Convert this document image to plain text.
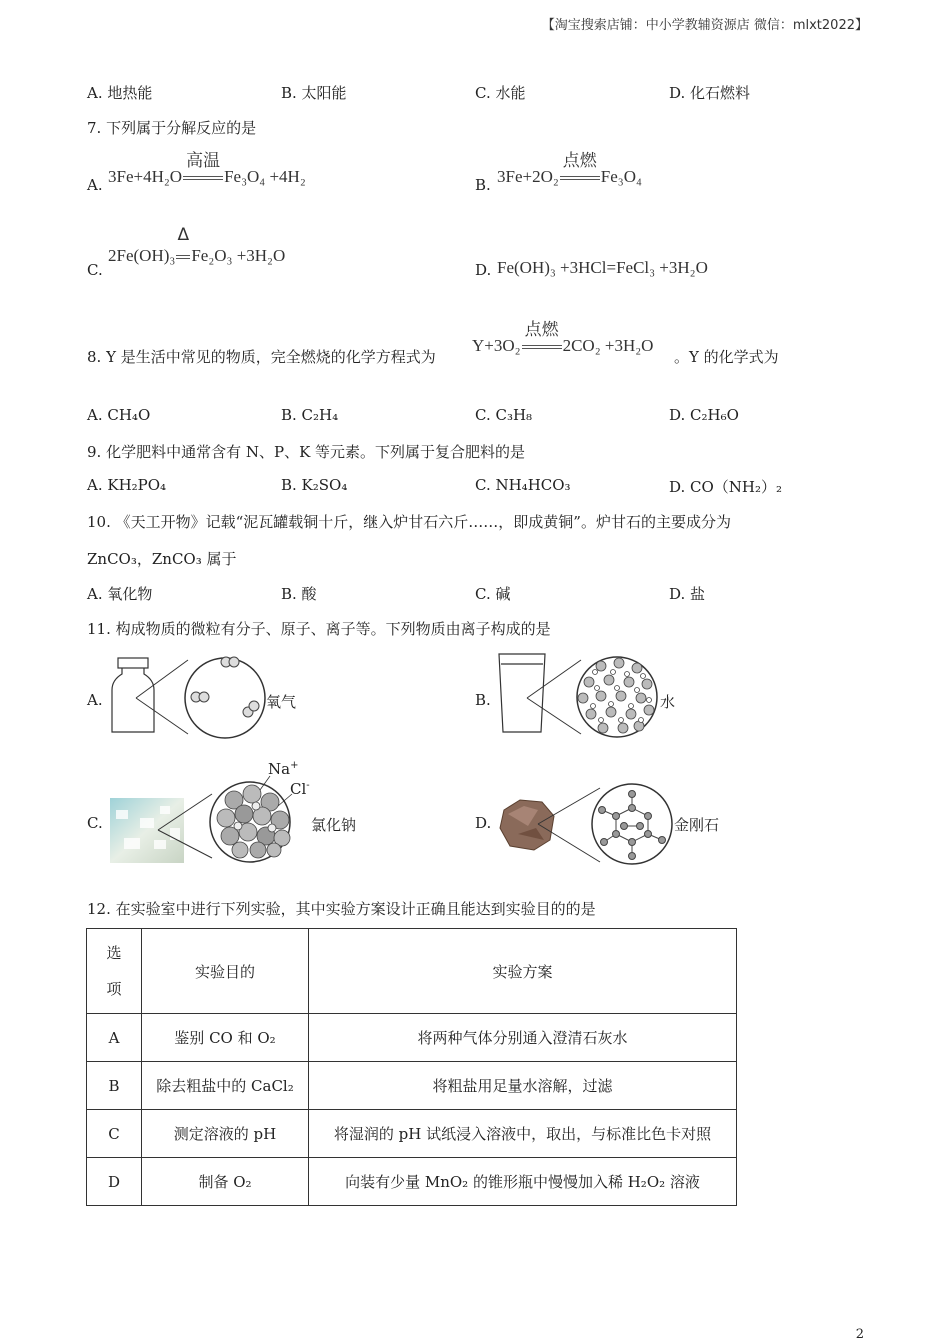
【淘宝搜索店铺：中小学教辅资源店 微信：mlxt2022】
A. 地热能	B. 太阳能	C. 水能	D. 化石燃料
7. 下列属于分解反应的是
A. 3Fe+4H₂O
高温
Fe₃O₄ +4H₂	B. 3Fe+2O₂
点燃
Fe₃O₄
C.
2Fe(OH)₃
Δ
Fe₂O₃ +3H₂O
D. Fe(OH)₃ +3HCl=FeCl₃ +3H₂O
8. Y 是生活中常见的物质，完全燃烧的化学方程式为
Y+3O₂
点燃
2CO₂ +3H₂O
。Y 的化学式为
A. CH₄O	B. C₂H₄	C. C₃H₈	D. C₂H₆O
9. 化学肥料中通常含有 N、P、K 等元素。下列属于复合肥料的是
A. KH₂PO₄	B. K₂SO₄	C. NH₄HCO₃	D. CO（NH₂）₂
10. 《天工开物》记载“泥瓦罐载铜十斤，继入炉甘石六斤……，即成黄铜”。炉甘石的主要成分为
ZnCO₃，ZnCO₃ 属于
A. 氧化物	B. 酸	C. 碱	D. 盐
11. 构成物质的微粒有分子、原子、离子等。下列物质由离子构成的是
A.	氧气	B.	水
C.
Na+
Cl-
氯化钠	D.	金刚石
12. 在实验室中进行下列实验，其中实验方案设计正确且能达到实验目的的是
选
项	实验目的	实验方案
A	鉴别 CO 和 O₂	将两种气体分别通入澄清石灰水
B	除去粗盐中的 CaCl₂	将粗盐用足量水溶解，过滤
C	测定溶液的 pH	将湿润的 pH 试纸浸入溶液中，取出，与标准比色卡对照
D	制备 O₂	向装有少量 MnO₂ 的锥形瓶中慢慢加入稀 H₂O₂ 溶液
2
